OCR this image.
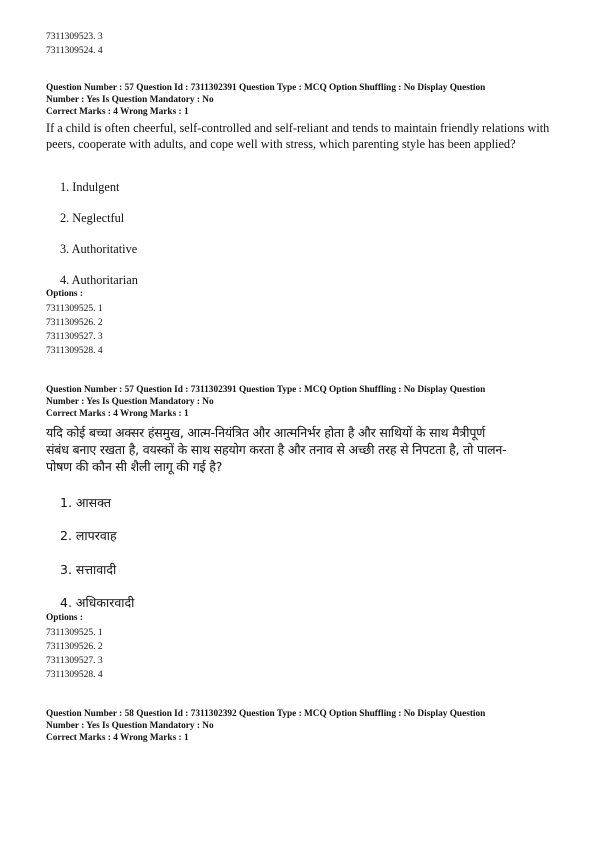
7311309523. 3
7311309524. 4
Question Number : 57 Question Id : 7311302391 Question Type : MCQ Option Shuffling : No Display Question
Number : Yes Is Question Mandatory : No
Correct Marks : 4 Wrong Marks : 1
If a child is often cheerful, self-controlled and self-reliant and tends to maintain friendly relations with peers, cooperate with adults, and cope well with stress, which parenting style has been applied?
1. Indulgent
2. Neglectful
3. Authoritative
4. Authoritarian
Options :
7311309525. 1
7311309526. 2
7311309527. 3
7311309528. 4
Question Number : 57 Question Id : 7311302391 Question Type : MCQ Option Shuffling : No Display Question
Number : Yes Is Question Mandatory : No
Correct Marks : 4 Wrong Marks : 1
यदि कोई बच्चा अक्सर हंसमुख, आत्म-नियंत्रित और आत्मनिर्भर होता है और साथियों के साथ मैत्रीपूर्ण
संबंध बनाए रखता है, वयस्कों के साथ सहयोग करता है और तनाव से अच्छी तरह से निपटता है, तो पालन-
पोषण की कौन सी शैली लागू की गई है?
1. आसक्त
2. लापरवाह
3. सत्तावादी
4. अधिकारवादी
Options :
7311309525. 1
7311309526. 2
7311309527. 3
7311309528. 4
Question Number : 58 Question Id : 7311302392 Question Type : MCQ Option Shuffling : No Display Question
Number : Yes Is Question Mandatory : No
Correct Marks : 4 Wrong Marks : 1
